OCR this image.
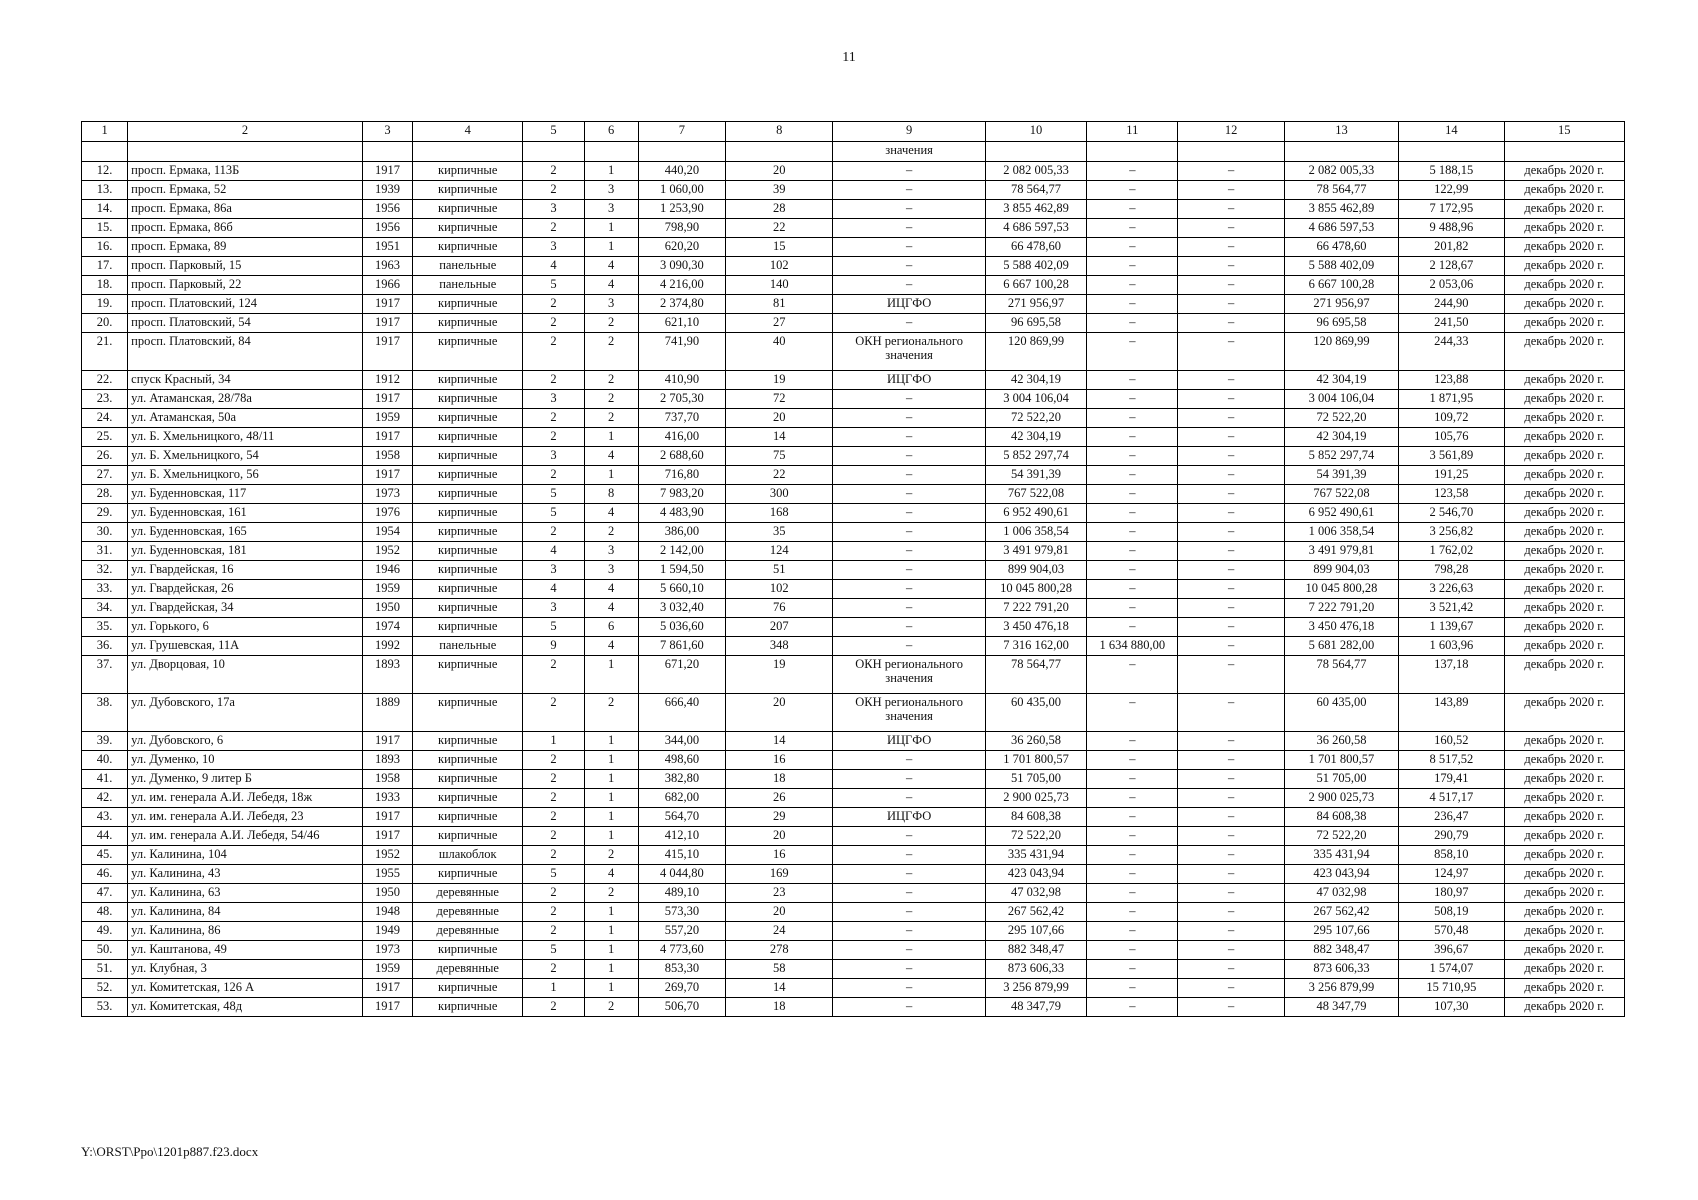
11
1	2	3	4	5	6	7	8	9	10	11	12	13	14	15
								значения						
12.	просп. Ермака, 113Б	1917	кирпичные	2	1	440,20	20	–	2 082 005,33	–	–	2 082 005,33	5 188,15	декабрь 2020 г.
13.	просп. Ермака, 52	1939	кирпичные	2	3	1 060,00	39	–	78 564,77	–	–	78 564,77	122,99	декабрь 2020 г.
14.	просп. Ермака, 86а	1956	кирпичные	3	3	1 253,90	28	–	3 855 462,89	–	–	3 855 462,89	7 172,95	декабрь 2020 г.
15.	просп. Ермака, 86б	1956	кирпичные	2	1	798,90	22	–	4 686 597,53	–	–	4 686 597,53	9 488,96	декабрь 2020 г.
16.	просп. Ермака, 89	1951	кирпичные	3	1	620,20	15	–	66 478,60	–	–	66 478,60	201,82	декабрь 2020 г.
17.	просп. Парковый, 15	1963	панельные	4	4	3 090,30	102	–	5 588 402,09	–	–	5 588 402,09	2 128,67	декабрь 2020 г.
18.	просп. Парковый, 22	1966	панельные	5	4	4 216,00	140	–	6 667 100,28	–	–	6 667 100,28	2 053,06	декабрь 2020 г.
19.	просп. Платовский, 124	1917	кирпичные	2	3	2 374,80	81	ИЦГФО	271 956,97	–	–	271 956,97	244,90	декабрь 2020 г.
20.	просп. Платовский, 54	1917	кирпичные	2	2	621,10	27	–	96 695,58	–	–	96 695,58	241,50	декабрь 2020 г.
21.	просп. Платовский, 84	1917	кирпичные	2	2	741,90	40	ОКН регионального значения	120 869,99	–	–	120 869,99	244,33	декабрь 2020 г.
22.	спуск Красный, 34	1912	кирпичные	2	2	410,90	19	ИЦГФО	42 304,19	–	–	42 304,19	123,88	декабрь 2020 г.
23.	ул. Атаманская, 28/78а	1917	кирпичные	3	2	2 705,30	72	–	3 004 106,04	–	–	3 004 106,04	1 871,95	декабрь 2020 г.
24.	ул. Атаманская, 50а	1959	кирпичные	2	2	737,70	20	–	72 522,20	–	–	72 522,20	109,72	декабрь 2020 г.
25.	ул. Б. Хмельницкого, 48/11	1917	кирпичные	2	1	416,00	14	–	42 304,19	–	–	42 304,19	105,76	декабрь 2020 г.
26.	ул. Б. Хмельницкого, 54	1958	кирпичные	3	4	2 688,60	75	–	5 852 297,74	–	–	5 852 297,74	3 561,89	декабрь 2020 г.
27.	ул. Б. Хмельницкого, 56	1917	кирпичные	2	1	716,80	22	–	54 391,39	–	–	54 391,39	191,25	декабрь 2020 г.
28.	ул. Буденновская, 117	1973	кирпичные	5	8	7 983,20	300	–	767 522,08	–	–	767 522,08	123,58	декабрь 2020 г.
29.	ул. Буденновская, 161	1976	кирпичные	5	4	4 483,90	168	–	6 952 490,61	–	–	6 952 490,61	2 546,70	декабрь 2020 г.
30.	ул. Буденновская, 165	1954	кирпичные	2	2	386,00	35	–	1 006 358,54	–	–	1 006 358,54	3 256,82	декабрь 2020 г.
31.	ул. Буденновская, 181	1952	кирпичные	4	3	2 142,00	124	–	3 491 979,81	–	–	3 491 979,81	1 762,02	декабрь 2020 г.
32.	ул. Гвардейская, 16	1946	кирпичные	3	3	1 594,50	51	–	899 904,03	–	–	899 904,03	798,28	декабрь 2020 г.
33.	ул. Гвардейская, 26	1959	кирпичные	4	4	5 660,10	102	–	10 045 800,28	–	–	10 045 800,28	3 226,63	декабрь 2020 г.
34.	ул. Гвардейская, 34	1950	кирпичные	3	4	3 032,40	76	–	7 222 791,20	–	–	7 222 791,20	3 521,42	декабрь 2020 г.
35.	ул. Горького, 6	1974	кирпичные	5	6	5 036,60	207	–	3 450 476,18	–	–	3 450 476,18	1 139,67	декабрь 2020 г.
36.	ул. Грушевская, 11А	1992	панельные	9	4	7 861,60	348	–	7 316 162,00	1 634 880,00	–	5 681 282,00	1 603,96	декабрь 2020 г.
37.	ул. Дворцовая, 10	1893	кирпичные	2	1	671,20	19	ОКН регионального значения	78 564,77	–	–	78 564,77	137,18	декабрь 2020 г.
38.	ул. Дубовского, 17а	1889	кирпичные	2	2	666,40	20	ОКН регионального значения	60 435,00	–	–	60 435,00	143,89	декабрь 2020 г.
39.	ул. Дубовского, 6	1917	кирпичные	1	1	344,00	14	ИЦГФО	36 260,58	–	–	36 260,58	160,52	декабрь 2020 г.
40.	ул. Думенко, 10	1893	кирпичные	2	1	498,60	16	–	1 701 800,57	–	–	1 701 800,57	8 517,52	декабрь 2020 г.
41.	ул. Думенко, 9 литер Б	1958	кирпичные	2	1	382,80	18	–	51 705,00	–	–	51 705,00	179,41	декабрь 2020 г.
42.	ул. им. генерала А.И. Лебедя, 18ж	1933	кирпичные	2	1	682,00	26	–	2 900 025,73	–	–	2 900 025,73	4 517,17	декабрь 2020 г.
43.	ул. им. генерала А.И. Лебедя, 23	1917	кирпичные	2	1	564,70	29	ИЦГФО	84 608,38	–	–	84 608,38	236,47	декабрь 2020 г.
44.	ул. им. генерала А.И. Лебедя, 54/46	1917	кирпичные	2	1	412,10	20	–	72 522,20	–	–	72 522,20	290,79	декабрь 2020 г.
45.	ул. Калинина, 104	1952	шлакоблок	2	2	415,10	16	–	335 431,94	–	–	335 431,94	858,10	декабрь 2020 г.
46.	ул. Калинина, 43	1955	кирпичные	5	4	4 044,80	169	–	423 043,94	–	–	423 043,94	124,97	декабрь 2020 г.
47.	ул. Калинина, 63	1950	деревянные	2	2	489,10	23	–	47 032,98	–	–	47 032,98	180,97	декабрь 2020 г.
48.	ул. Калинина, 84	1948	деревянные	2	1	573,30	20	–	267 562,42	–	–	267 562,42	508,19	декабрь 2020 г.
49.	ул. Калинина, 86	1949	деревянные	2	1	557,20	24	–	295 107,66	–	–	295 107,66	570,48	декабрь 2020 г.
50.	ул. Каштанова, 49	1973	кирпичные	5	1	4 773,60	278	–	882 348,47	–	–	882 348,47	396,67	декабрь 2020 г.
51.	ул. Клубная, 3	1959	деревянные	2	1	853,30	58	–	873 606,33	–	–	873 606,33	1 574,07	декабрь 2020 г.
52.	ул. Комитетская, 126 А	1917	кирпичные	1	1	269,70	14	–	3 256 879,99	–	–	3 256 879,99	15 710,95	декабрь 2020 г.
53.	ул. Комитетская, 48д	1917	кирпичные	2	2	506,70	18	–	48 347,79	–	–	48 347,79	107,30	декабрь 2020 г.
Y:\ORST\Ppo\1201p887.f23.docx
